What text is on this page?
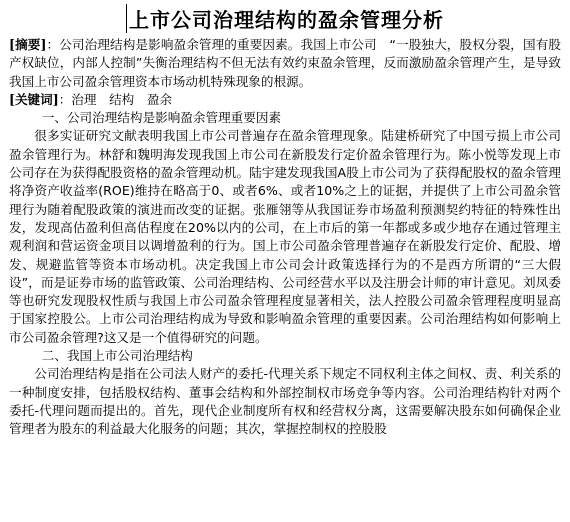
上市公司治理结构的盈余管理分析

[摘要]：公司治理结构是影响盈余管理的重要因素。我国上市公司　“一股独大，股权分裂，国有股产权缺位，内部人控制”失衡治理结构不但无法有效约束盈余管理，反而激励盈余管理产生，是导致我国上市公司盈余管理资本市场动机特殊现象的根源。

[关键词]：治理　结构　盈余

一、公司治理结构是影响盈余管理重要因素

很多实证研究文献表明我国上市公司普遍存在盈余管理现象。陆建桥研究了中国亏损上市公司盈余管理行为。林舒和魏明海发现我国上市公司在新股发行定价盈余管理行为。陈小悦等发现上市公司存在为获得配股资格的盈余管理动机。陆宇建发现我国A股上市公司为了获得配股权的盈余管理将净资产收益率(ROE)维持在略高于0、或者6%、或者10%之上的证据，并提供了上市公司盈余管理行为随着配股政策的演进而改变的证据。张雁翎等从我国证券市场盈利预测契约特征的特殊性出发，发现高估盈利但高估程度在20%以内的公司，在上市后的第一年都或多或少地存在通过管理主观利润和营运资金项目以调增盈利的行为。国上市公司盈余管理普遍存在新股发行定价、配股、增发、规避监管等资本市场动机。决定我国上市公司会计政策选择行为的不是西方所谓的“三大假设”，而是证券市场的监管政策、公司治理结构、公司经营水平以及注册会计师的审计意见。刘凤委等也研究发现股权性质与我国上市公司盈余管理程度显著相关，法人控股公司盈余管理程度明显高于国家控股公。上市公司治理结构成为导致和影响盈余管理的重要因素。公司治理结构如何影响上市公司盈余管理?这又是一个值得研究的问题。

二、我国上市公司治理结构

公司治理结构是指在公司法人财产的委托-代理关系下规定不同权利主体之间权、责、利关系的一种制度安排，包括股权结构、董事会结构和外部控制权市场竞争等内容。公司治理结构针对两个委托-代理问题而提出的。首先，现代企业制度所有权和经营权分离，这需要解决股东如何确保企业管理者为股东的利益最大化服务的问题；其次，掌握控制权的控股股
